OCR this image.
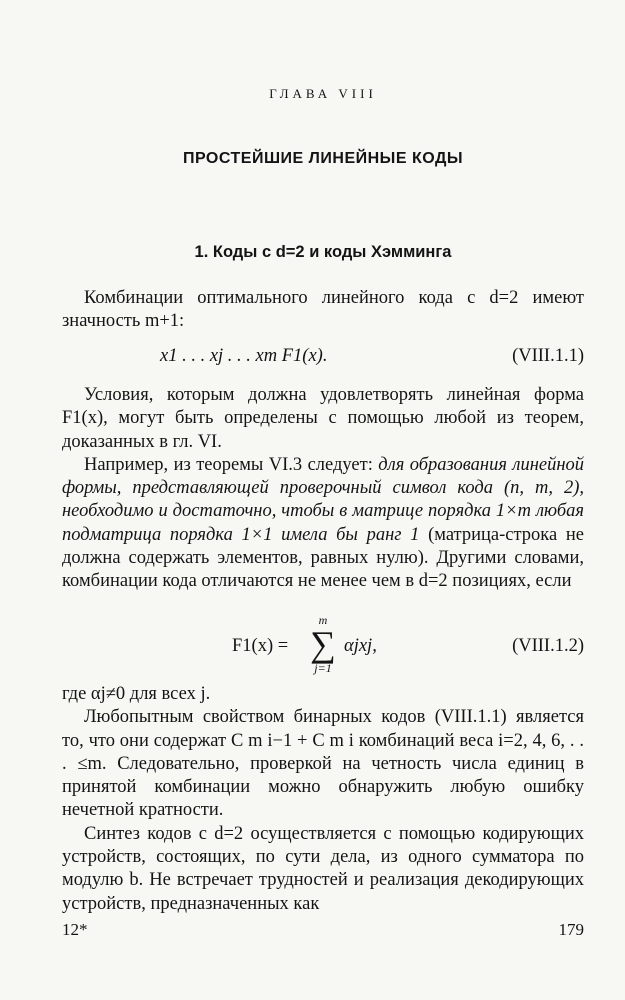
ГЛАВА VIII
ПРОСТЕЙШИЕ ЛИНЕЙНЫЕ КОДЫ
1. Коды с d=2 и коды Хэмминга

Комбинации оптимального линейного кода с d=2 имеют значность m+1:

x1 . . . xj . . . xm F1(x).	(VIII.1.1)

Условия, которым должна удовлетворять линейная форма F1(x), могут быть определены с помощью любой из теорем, доказанных в гл. VI.

Например, из теоремы VI.3 следует: для образования линейной формы, представляющей проверочный символ кода (n, m, 2), необходимо и достаточно, чтобы в матрице порядка 1×m любая подматрица порядка 1×1 имела бы ранг 1 (матрица-строка не должна содержать элементов, равных нулю). Другими словами, комбинации кода отличаются не менее чем в d=2 позициях, если

F1(x) =
m
∑
j=1
αjxj,	(VIII.1.2)

где αj≠0 для всех j.

Любопытным свойством бинарных кодов (VIII.1.1) является то, что они содержат C m i−1 + C m i комбинаций веса i=2, 4, 6, . . . ≤m. Следовательно, проверкой на четность числа единиц в принятой комбинации можно обнаружить любую ошибку нечетной кратности.

Синтез кодов с d=2 осуществляется с помощью кодирующих устройств, состоящих, по сути дела, из одного сумматора по модулю b. Не встречает трудностей и реализация декодирующих устройств, предназначенных как

12*	179
